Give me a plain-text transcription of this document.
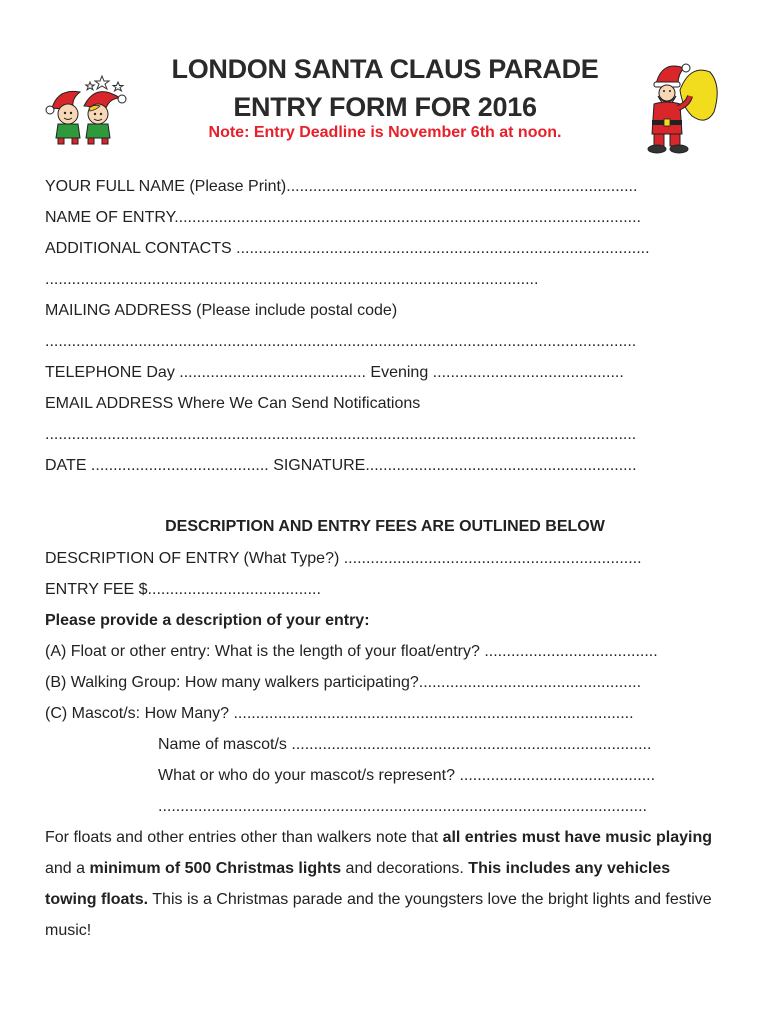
LONDON SANTA CLAUS PARADE
ENTRY FORM FOR 2016
Note: Entry Deadline is November 6th at noon.
YOUR FULL NAME (Please Print)...............................................................................
NAME OF ENTRY.........................................................................................................
ADDITIONAL CONTACTS .............................................................................................
...............................................................................................................
MAILING ADDRESS (Please include postal code)
.....................................................................................................................................
TELEPHONE Day .......................................... Evening ...........................................
EMAIL ADDRESS Where We Can Send Notifications
.....................................................................................................................................
DATE ........................................ SIGNATURE.............................................................
DESCRIPTION AND ENTRY FEES ARE OUTLINED BELOW
DESCRIPTION OF ENTRY (What Type?) ...................................................................
ENTRY FEE $.......................................
Please provide a description of your entry:
(A) Float or other entry: What is the length of your float/entry? .......................................
(B) Walking Group: How many walkers participating?..................................................
(C) Mascot/s: How Many? ..........................................................................................
Name of mascot/s .................................................................................
What or who do your mascot/s represent? ............................................
..............................................................................................................
For floats and other entries other than walkers note that all entries must have music playing and a minimum of 500 Christmas lights and decorations. This includes any vehicles towing floats. This is a Christmas parade and the youngsters love the bright lights and festive music!
